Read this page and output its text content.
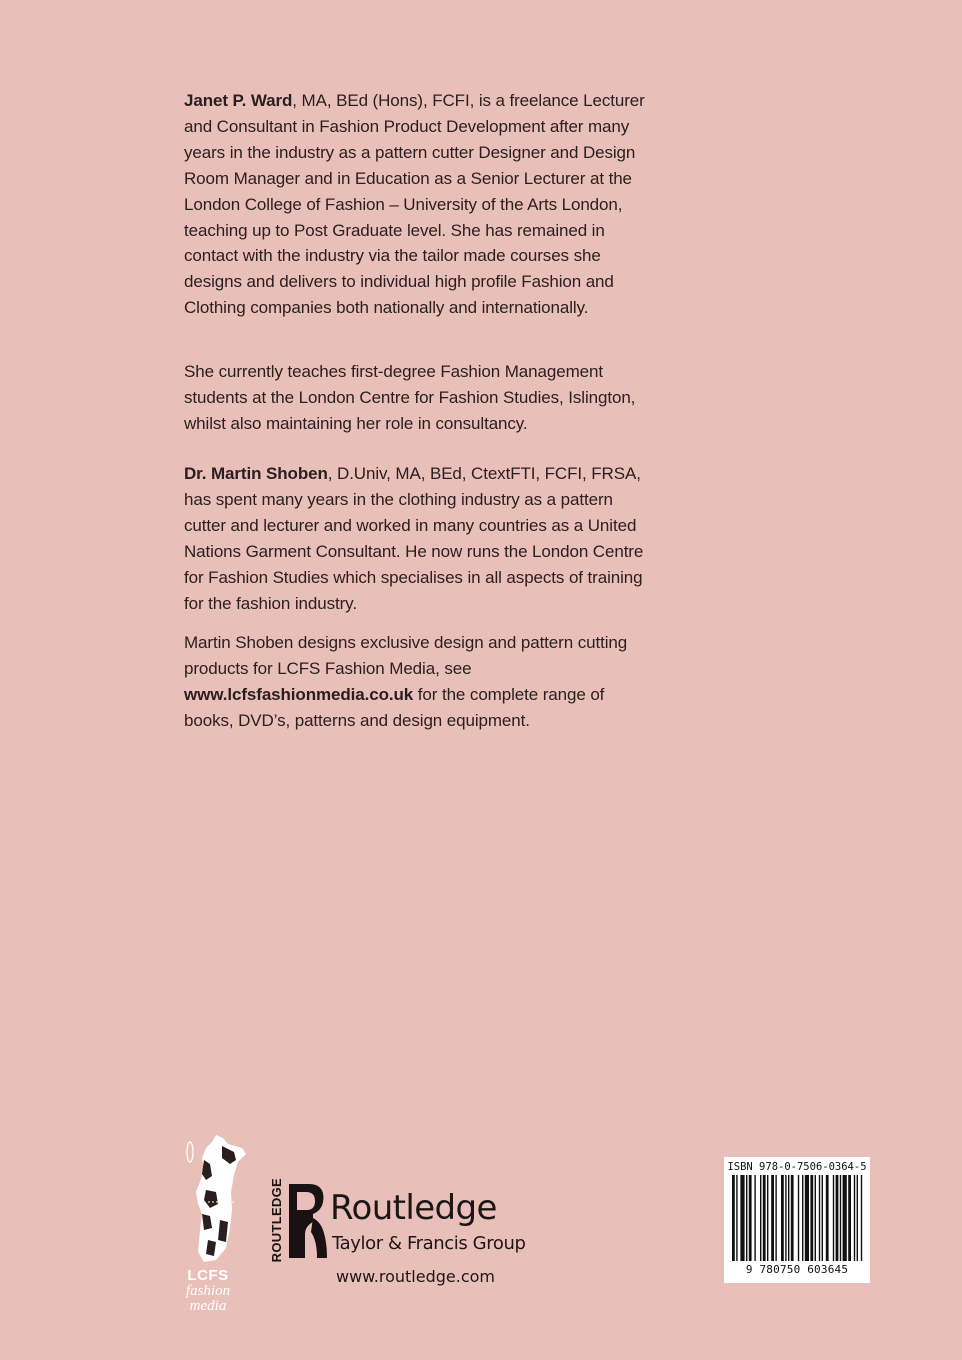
Janet P. Ward, MA, BEd (Hons), FCFI, is a freelance Lecturer and Consultant in Fashion Product Development after many years in the industry as a pattern cutter Designer and Design Room Manager and in Education as a Senior Lecturer at the London College of Fashion – University of the Arts London, teaching up to Post Graduate level. She has remained in contact with the industry via the tailor made courses she designs and delivers to individual high profile Fashion and Clothing companies both nationally and internationally.

She currently teaches first-degree Fashion Management students at the London Centre for Fashion Studies, Islington, whilst also maintaining her role in consultancy.

Dr. Martin Shoben, D.Univ, MA, BEd, CtextFTI, FCFI, FRSA, has spent many years in the clothing industry as a pattern cutter and lecturer and worked in many countries as a United Nations Garment Consultant. He now runs the London Centre for Fashion Studies which specialises in all aspects of training for the fashion industry.

Martin Shoben designs exclusive design and pattern cutting products for LCFS Fashion Media, see www.lcfsfashionmedia.co.uk for the complete range of books, DVD’s, patterns and design equipment.

LCFS
fashion
media
ROUTLEDGE Routledge
Taylor & Francis Group
www.routledge.com
ISBN 978-0-7506-0364-5
9 780750 603645
